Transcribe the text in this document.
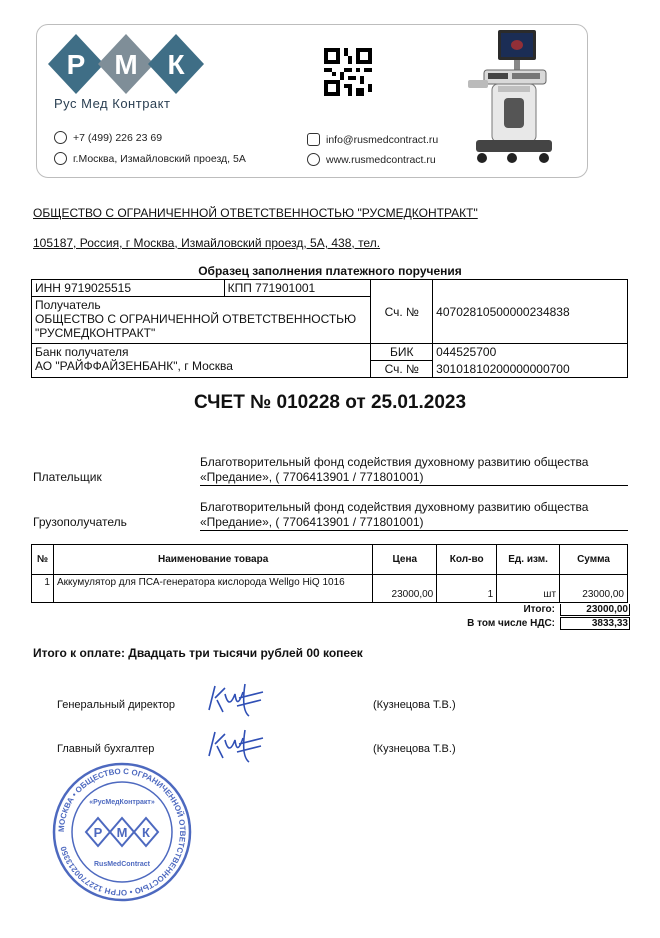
Р М К
Рус Мед Контракт
+7 (499) 226 23 69
г.Москва, Измайловский проезд, 5А
info@rusmedcontract.ru
www.rusmedcontract.ru
ОБЩЕСТВО С ОГРАНИЧЕННОЙ ОТВЕТСТВЕННОСТЬЮ "РУСМЕДКОНТРАКТ"
105187, Россия, г Москва, Измайловский проезд, 5А, 438, тел.
Образец заполнения платежного поручения
ИНН 9719025515	КПП 771901001	Сч. №	40702810500000234838

Получатель
ОБЩЕСТВО С ОГРАНИЧЕННОЙ ОТВЕТСТВЕННОСТЬЮ "РУСМЕДКОНТРАКТ"			

Банк получателя
АО "РАЙФФАЙЗЕНБАНК", г Москва		БИК	044525700
		Сч. №	30101810200000000700
СЧЕТ № 010228 от 25.01.2023
Плательщик
Благотворительный фонд содействия духовному развитию общества
«Предание», ( 7706413901 / 771801001)
Грузополучатель
Благотворительный фонд содействия духовному развитию общества
«Предание», ( 7706413901 / 771801001)
№	Наименование товара	Цена	Кол-во	Ед. изм.	Сумма
1	Аккумулятор для ПСА-генератора кислорода Wellgo HiQ 1016	23000,00	1	шт	23000,00
Итого:	23000,00
В том числе НДС:	3833,33
Итого к оплате: Двадцать три тысячи рублей 00 копеек
Генеральный директор	(Кузнецова Т.В.)
Главный бухгалтер	(Кузнецова Т.В.)
МОСКВА • ОБЩЕСТВО С ОГРАНИЧЕННОЙ ОТВЕТСТВЕННОСТЬЮ • ОГРН 1227700213350
«РусМедКонтракт»
Р М К
RusMedContract
